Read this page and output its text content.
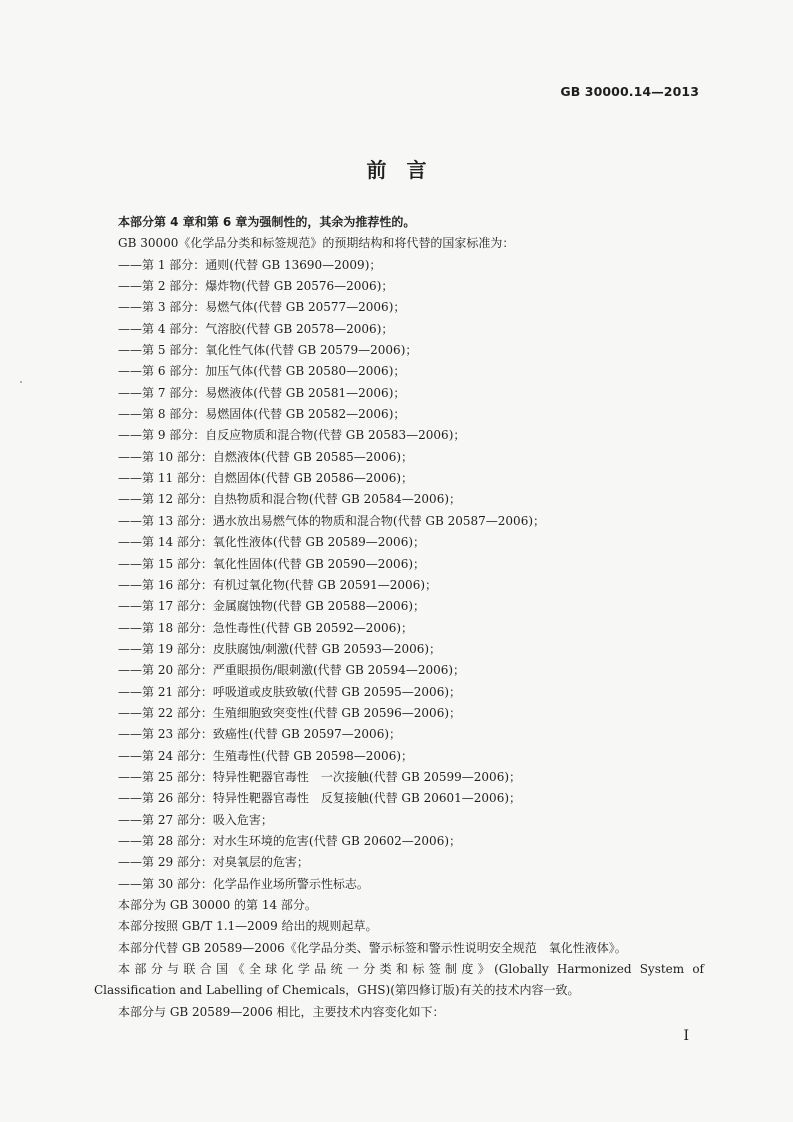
GB 30000.14—2013
前　言
本部分第 4 章和第 6 章为强制性的，其余为推荐性的。
GB 30000《化学品分类和标签规范》的预期结构和将代替的国家标准为：
——第 1 部分：通则(代替 GB 13690—2009)；
——第 2 部分：爆炸物(代替 GB 20576—2006)；
——第 3 部分：易燃气体(代替 GB 20577—2006)；
——第 4 部分：气溶胶(代替 GB 20578—2006)；
——第 5 部分：氧化性气体(代替 GB 20579—2006)；
——第 6 部分：加压气体(代替 GB 20580—2006)；
——第 7 部分：易燃液体(代替 GB 20581—2006)；
——第 8 部分：易燃固体(代替 GB 20582—2006)；
——第 9 部分：自反应物质和混合物(代替 GB 20583—2006)；
——第 10 部分：自燃液体(代替 GB 20585—2006)；
——第 11 部分：自燃固体(代替 GB 20586—2006)；
——第 12 部分：自热物质和混合物(代替 GB 20584—2006)；
——第 13 部分：遇水放出易燃气体的物质和混合物(代替 GB 20587—2006)；
——第 14 部分：氧化性液体(代替 GB 20589—2006)；
——第 15 部分：氧化性固体(代替 GB 20590—2006)；
——第 16 部分：有机过氧化物(代替 GB 20591—2006)；
——第 17 部分：金属腐蚀物(代替 GB 20588—2006)；
——第 18 部分：急性毒性(代替 GB 20592—2006)；
——第 19 部分：皮肤腐蚀/刺激(代替 GB 20593—2006)；
——第 20 部分：严重眼损伤/眼刺激(代替 GB 20594—2006)；
——第 21 部分：呼吸道或皮肤致敏(代替 GB 20595—2006)；
——第 22 部分：生殖细胞致突变性(代替 GB 20596—2006)；
——第 23 部分：致癌性(代替 GB 20597—2006)；
——第 24 部分：生殖毒性(代替 GB 20598—2006)；
——第 25 部分：特异性靶器官毒性　一次接触(代替 GB 20599—2006)；
——第 26 部分：特异性靶器官毒性　反复接触(代替 GB 20601—2006)；
——第 27 部分：吸入危害；
——第 28 部分：对水生环境的危害(代替 GB 20602—2006)；
——第 29 部分：对臭氧层的危害；
——第 30 部分：化学品作业场所警示性标志。
本部分为 GB 30000 的第 14 部分。
本部分按照 GB/T 1.1—2009 给出的规则起草。
本部分代替 GB 20589—2006《化学品分类、警示标签和警示性说明安全规范　氧化性液体》。
本部分与联合国《全球化学品统一分类和标签制度》(Globally Harmonized System of
Classification and Labelling of Chemicals，GHS)(第四修订版)有关的技术内容一致。
本部分与 GB 20589—2006 相比，主要技术内容变化如下：
I
